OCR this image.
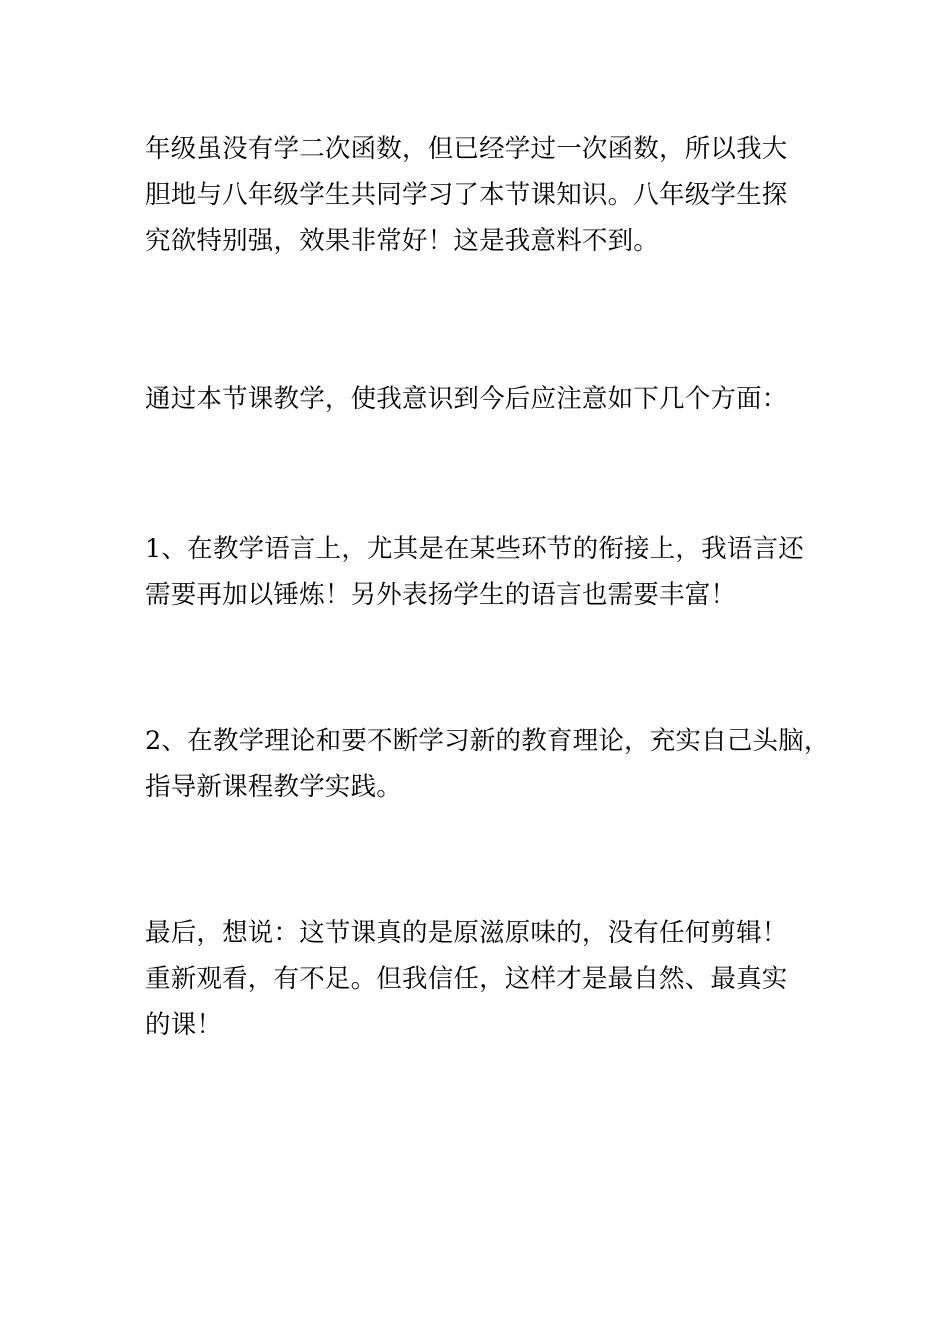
年级虽没有学二次函数，但已经学过一次函数，所以我大
胆地与八年级学生共同学习了本节课知识。八年级学生探
究欲特别强，效果非常好！这是我意料不到。

通过本节课教学，使我意识到今后应注意如下几个方面：

1、在教学语言上，尤其是在某些环节的衔接上，我语言还
需要再加以锤炼！另外表扬学生的语言也需要丰富！

2、在教学理论和要不断学习新的教育理论，充实自己头脑，
指导新课程教学实践。

最后，想说：这节课真的是原滋原味的，没有任何剪辑！
重新观看，有不足。但我信任，这样才是最自然、最真实
的课！
